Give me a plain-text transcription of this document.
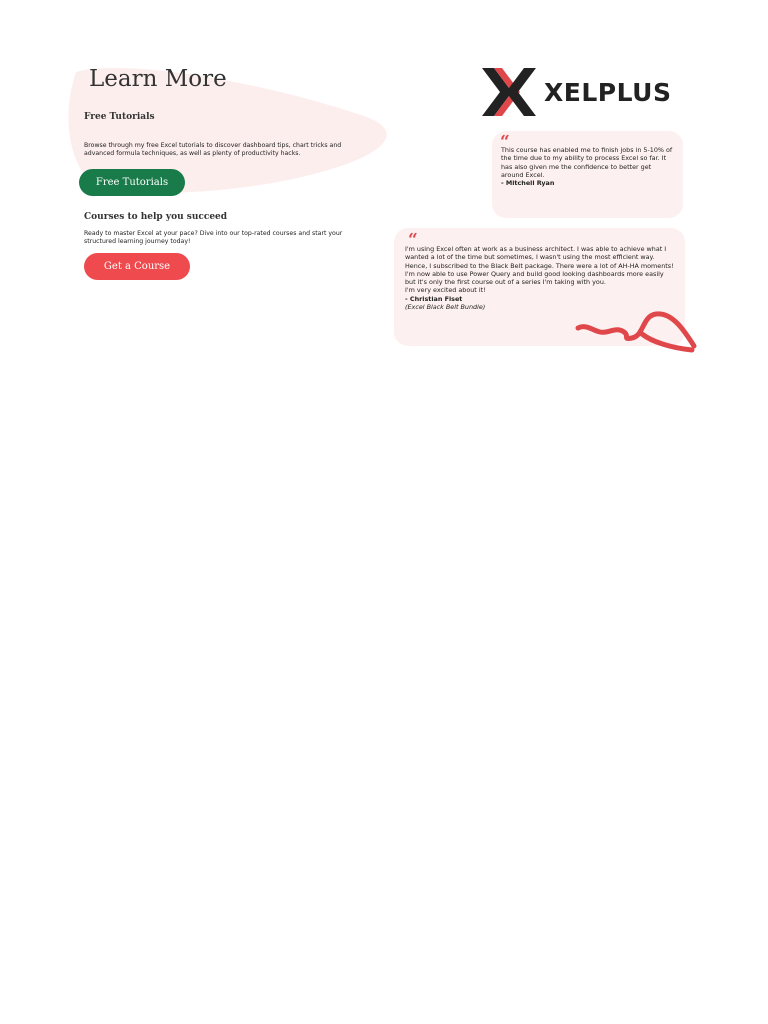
Learn More
Free Tutorials

Browse through my free Excel tutorials to discover dashboard tips, chart tricks and advanced formula techniques, as well as plenty of productivity hacks.

Free Tutorials
Courses to help you succeed

Ready to master Excel at your pace? Dive into our top-rated courses and start your structured learning journey today!

Get a Course
XELPLUS
“
This course has enabled me to finish jobs in 5-10% of the time due to my ability to process Excel so far. It has also given me the confidence to better get around Excel.
- Mitchell Ryan
“
I'm using Excel often at work as a business architect. I was able to achieve what I wanted a lot of the time but sometimes, I wasn't using the most efficient way. Hence, I subscribed to the Black Belt package. There were a lot of AH-HA moments! I'm now able to use Power Query and build good looking dashboards more easily but it's only the first course out of a series I'm taking with you.
I'm very excited about it!
- Christian Fiset
(Excel Black Belt Bundle)
